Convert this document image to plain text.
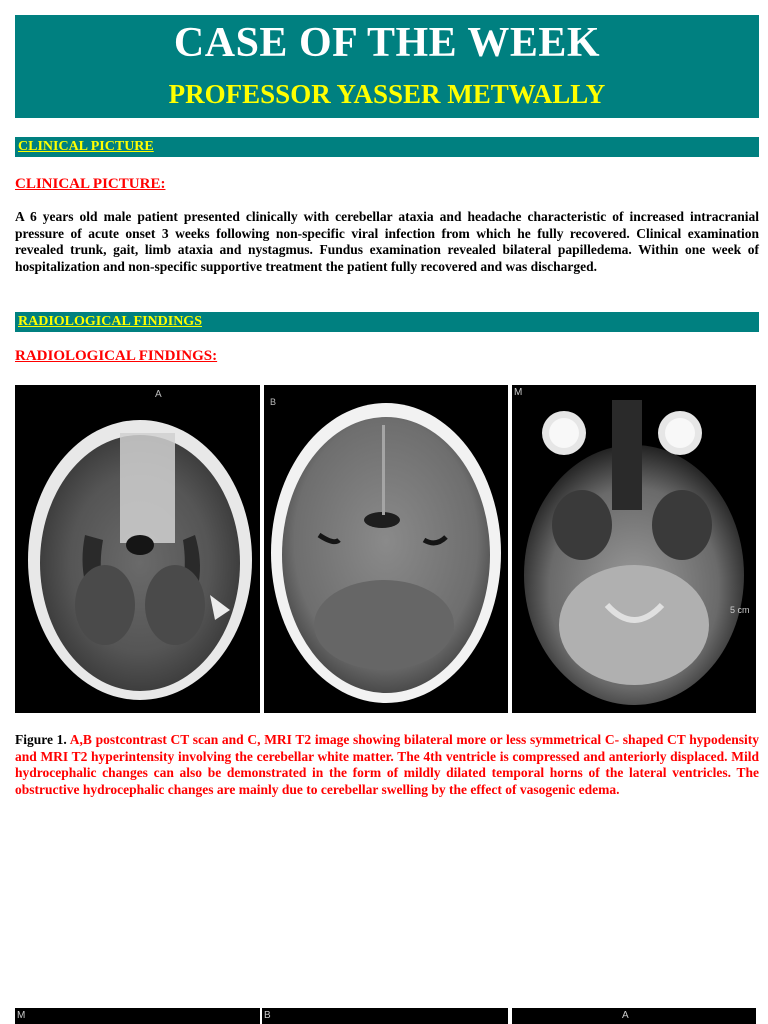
CASE OF THE WEEK
PROFESSOR YASSER METWALLY
CLINICAL PICTURE
CLINICAL PICTURE:
A 6 years old male patient presented clinically with cerebellar ataxia and headache characteristic of increased intracranial pressure of acute onset 3 weeks following non-specific viral infection from which he fully recovered. Clinical examination revealed trunk, gait, limb ataxia and nystagmus. Fundus examination revealed bilateral papilledema. Within one week of hospitalization and non-specific supportive treatment the patient fully recovered and was discharged.
RADIOLOGICAL FINDINGS
RADIOLOGICAL FINDINGS:
A
B
M
5 cm
Figure 1. A,B postcontrast CT scan and C, MRI T2 image showing bilateral more or less symmetrical C- shaped CT hypodensity and MRI T2 hyperintensity involving the cerebellar white matter. The 4th ventricle is compressed and anteriorly displaced. Mild hydrocephalic changes can also be demonstrated in the form of mildly dilated temporal horns of the lateral ventricles. The obstructive hydrocephalic changes are mainly due to cerebellar swelling by the effect of vasogenic edema.
M	B	A
